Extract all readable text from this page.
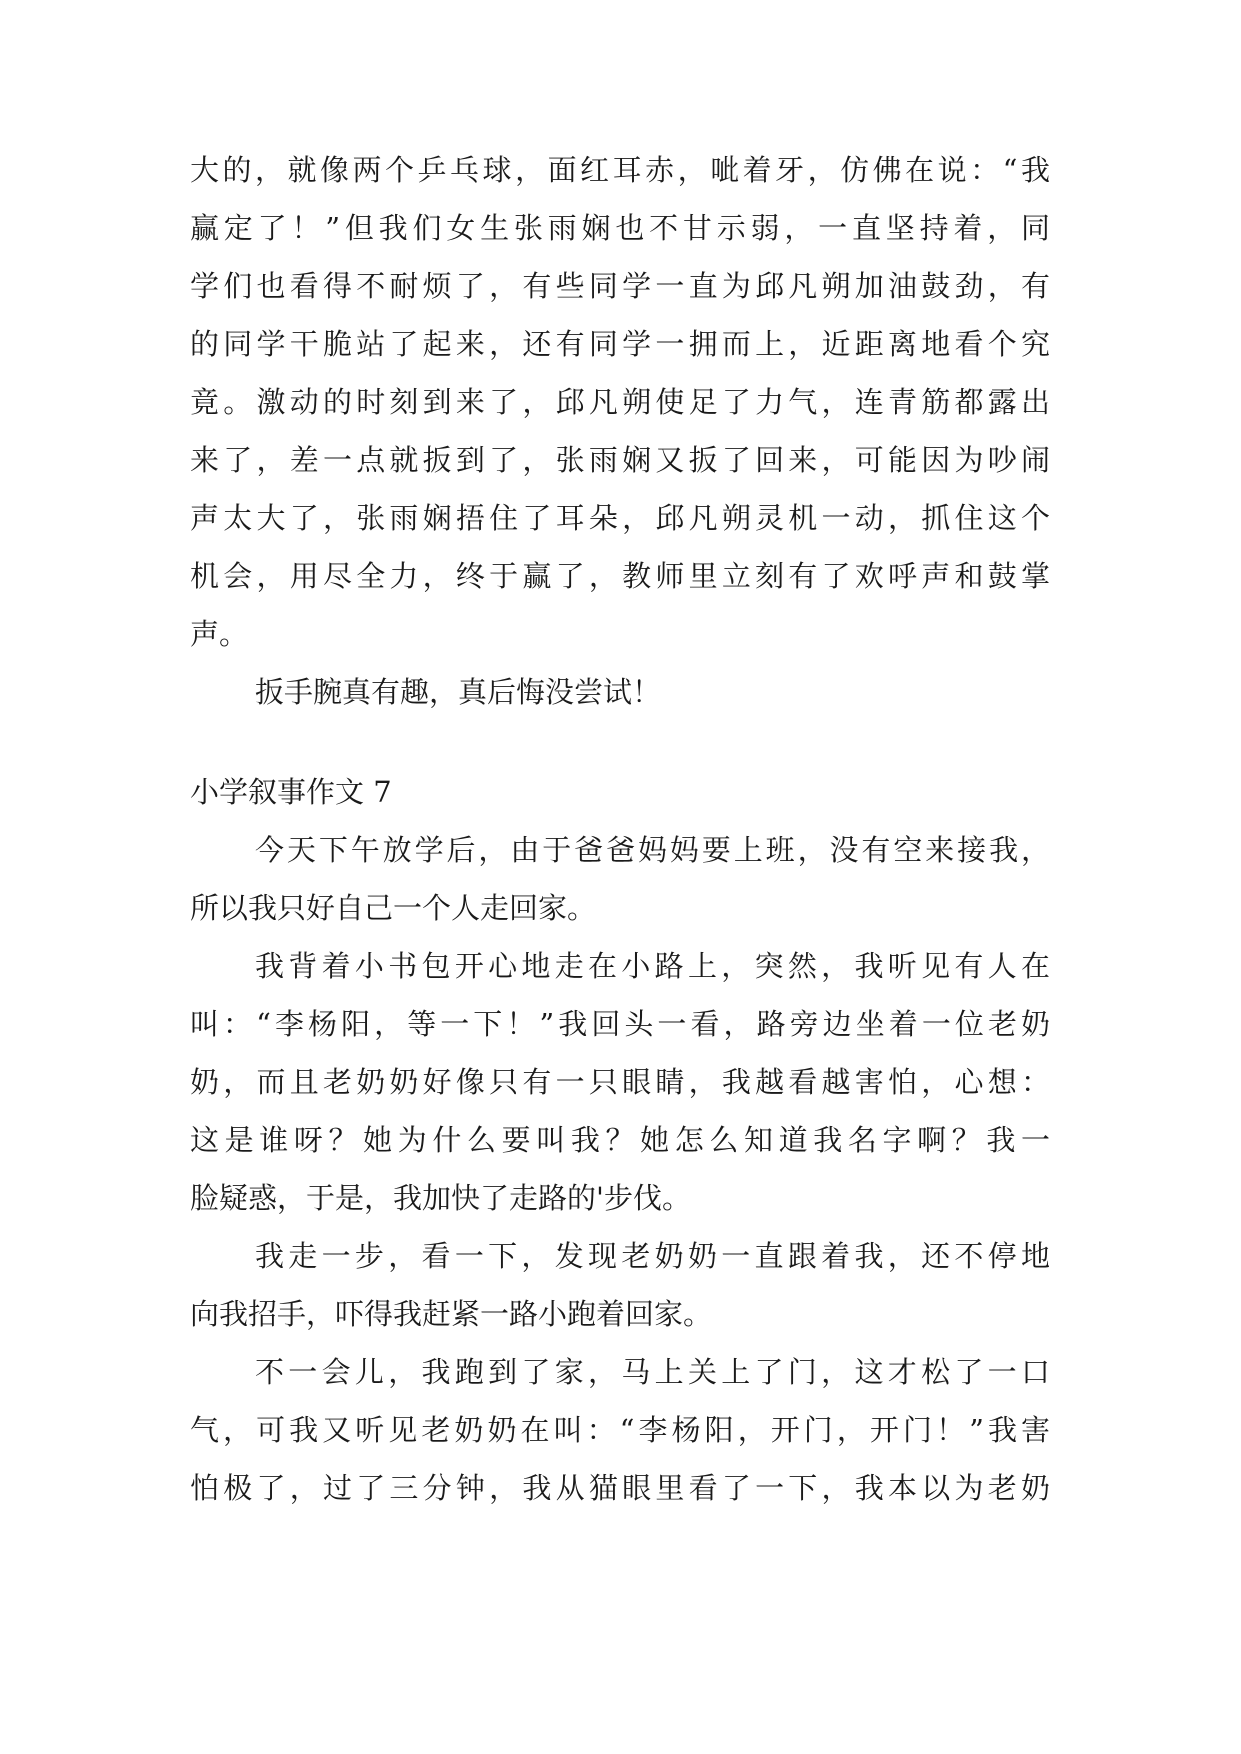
大的，就像两个乒乓球，面红耳赤，呲着牙，仿佛在说：“我
赢定了！”但我们女生张雨娴也不甘示弱，一直坚持着，同
学们也看得不耐烦了，有些同学一直为邱凡朔加油鼓劲，有
的同学干脆站了起来，还有同学一拥而上，近距离地看个究
竟。激动的时刻到来了，邱凡朔使足了力气，连青筋都露出
来了，差一点就扳到了，张雨娴又扳了回来，可能因为吵闹
声太大了，张雨娴捂住了耳朵，邱凡朔灵机一动，抓住这个
机会，用尽全力，终于赢了，教师里立刻有了欢呼声和鼓掌
声。
扳手腕真有趣，真后悔没尝试！
小学叙事作文 7
今天下午放学后，由于爸爸妈妈要上班，没有空来接我，
所以我只好自己一个人走回家。
我背着小书包开心地走在小路上，突然，我听见有人在
叫：“李杨阳，等一下！”我回头一看，路旁边坐着一位老奶
奶，而且老奶奶好像只有一只眼睛，我越看越害怕，心想：
这是谁呀？她为什么要叫我？她怎么知道我名字啊？我一
脸疑惑，于是，我加快了走路的'步伐。
我走一步，看一下，发现老奶奶一直跟着我，还不停地
向我招手，吓得我赶紧一路小跑着回家。
不一会儿，我跑到了家，马上关上了门，这才松了一口
气，可我又听见老奶奶在叫：“李杨阳，开门，开门！”我害
怕极了，过了三分钟，我从猫眼里看了一下，我本以为老奶
